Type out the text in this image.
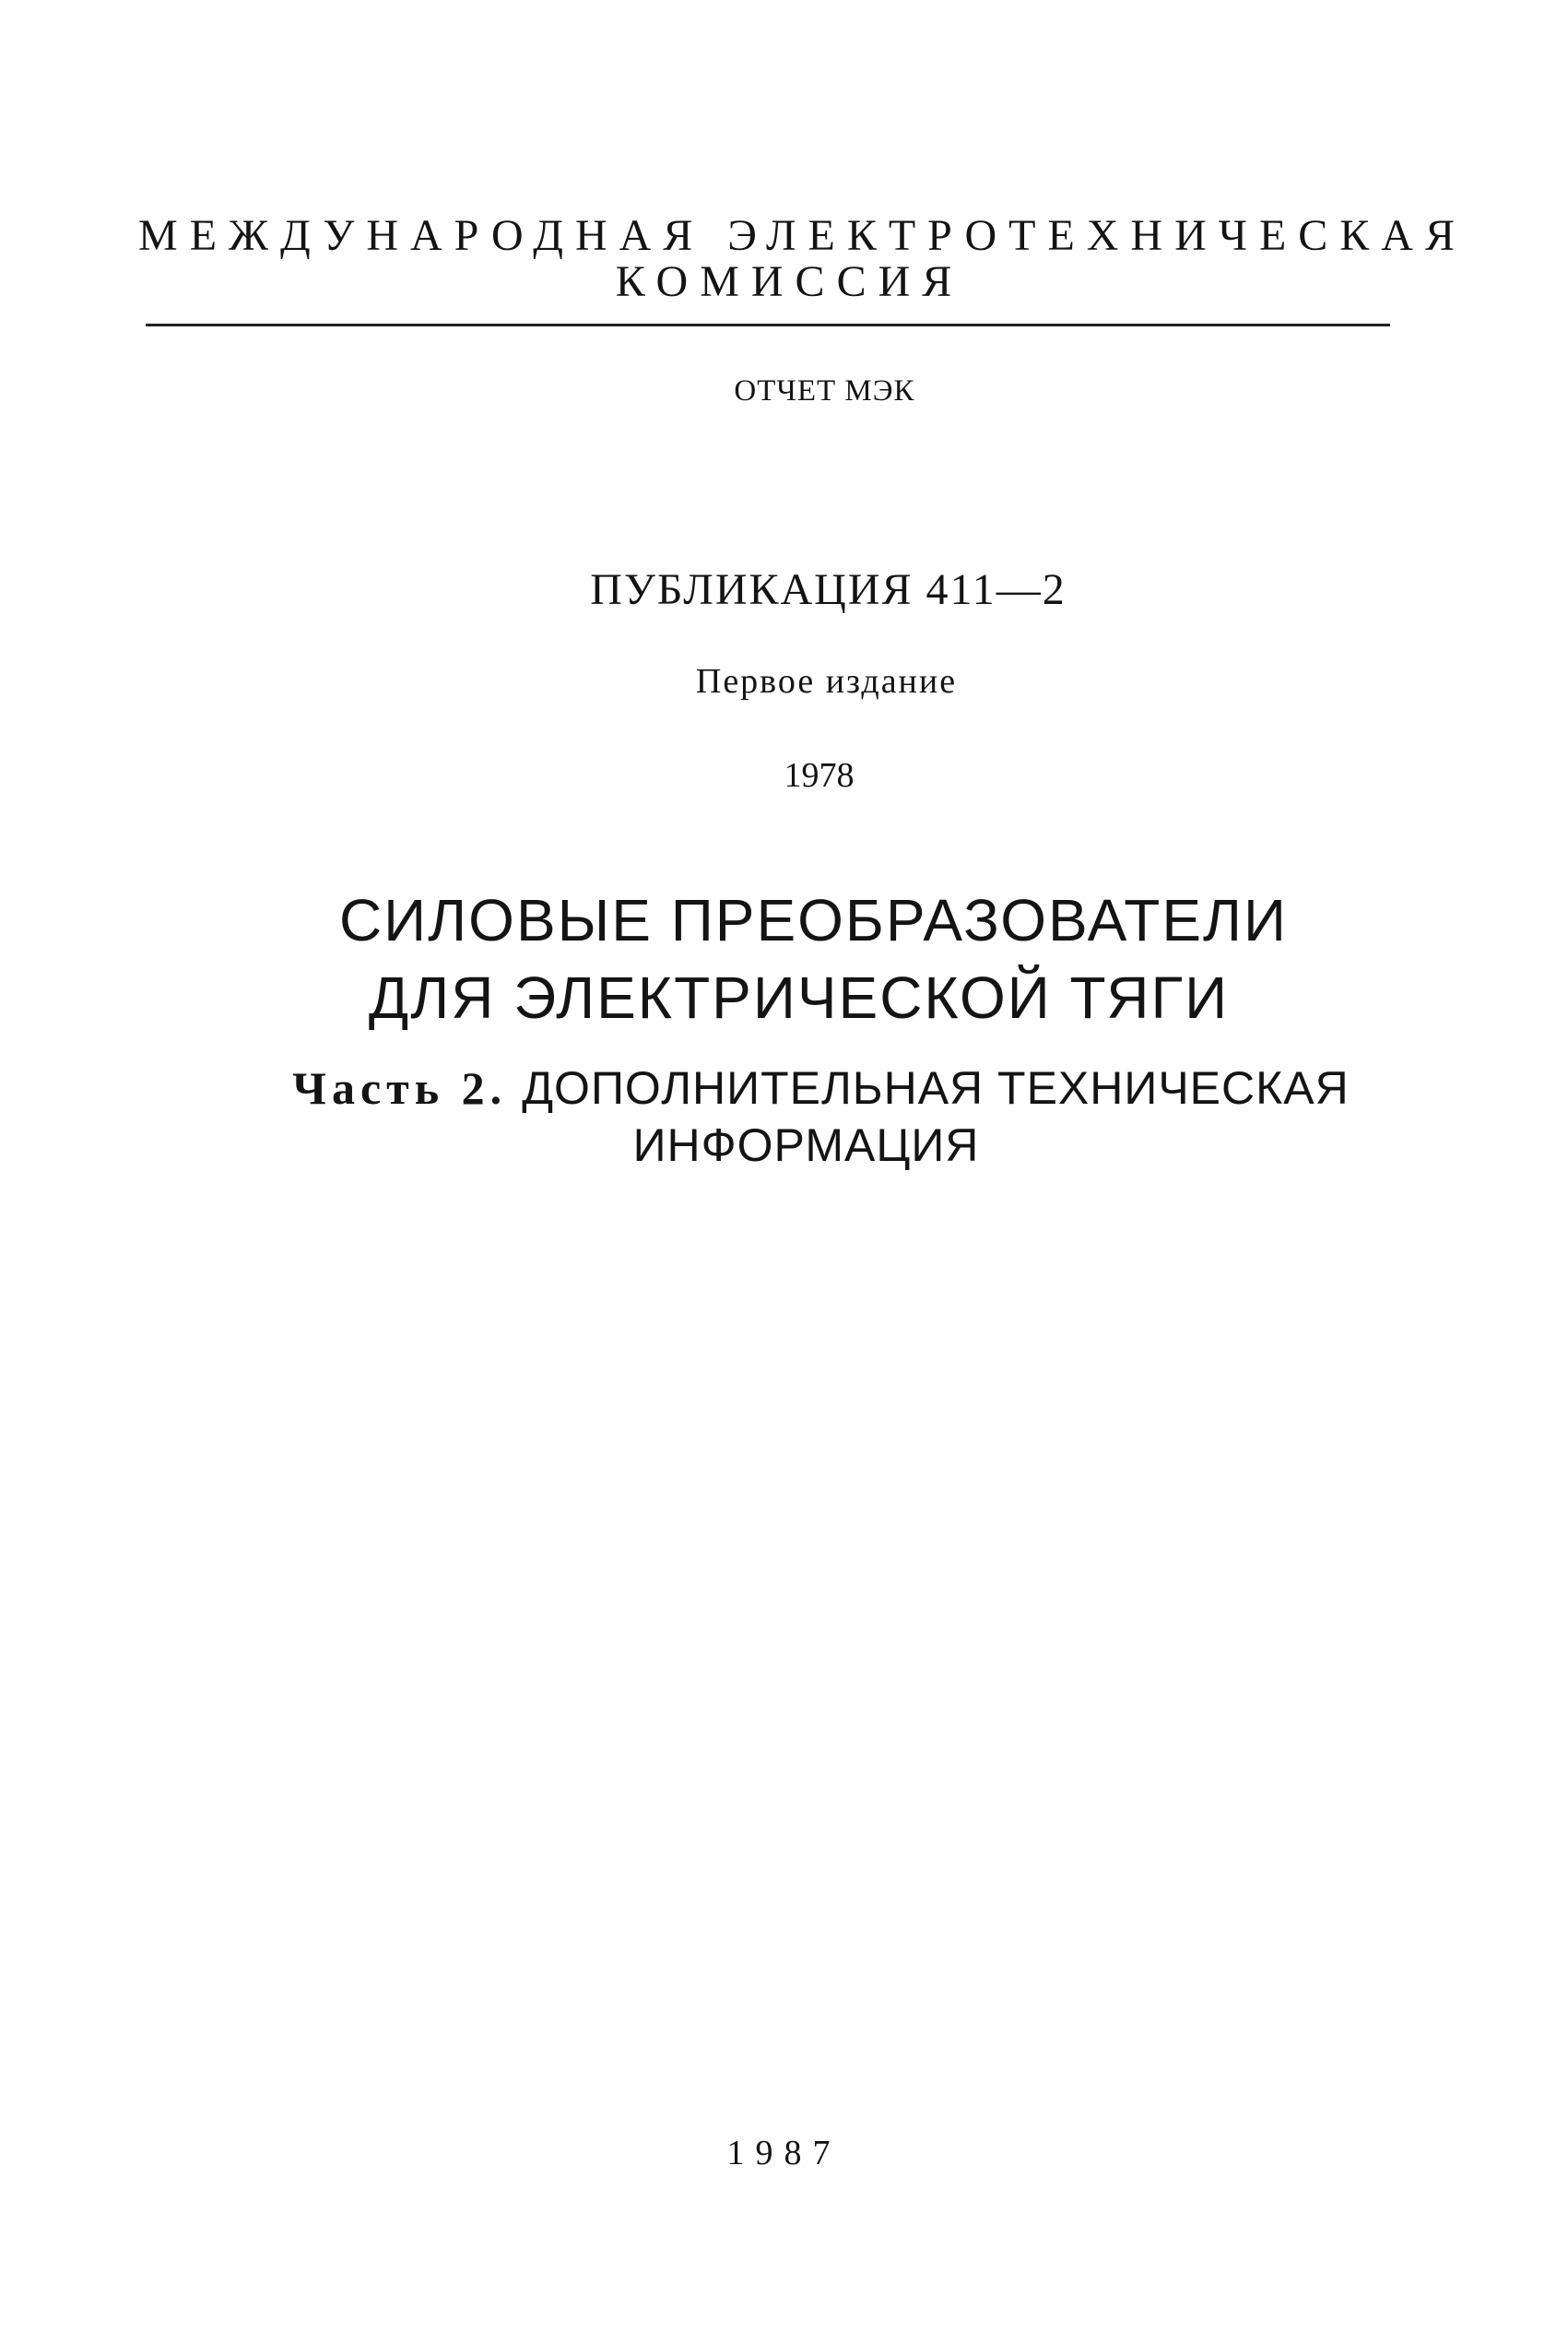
МЕЖДУНАРОДНАЯ ЭЛЕКТРОТЕХНИЧЕСКАЯ

КОМИССИЯ

ОТЧЕТ МЭК

ПУБЛИКАЦИЯ 411—2

Первое издание

1978

СИЛОВЫЕ ПРЕОБРАЗОВАТЕЛИ

ДЛЯ ЭЛЕКТРИЧЕСКОЙ ТЯГИ

Часть 2. ДОПОЛНИТЕЛЬНАЯ ТЕХНИЧЕСКАЯ

ИНФОРМАЦИЯ

1987
